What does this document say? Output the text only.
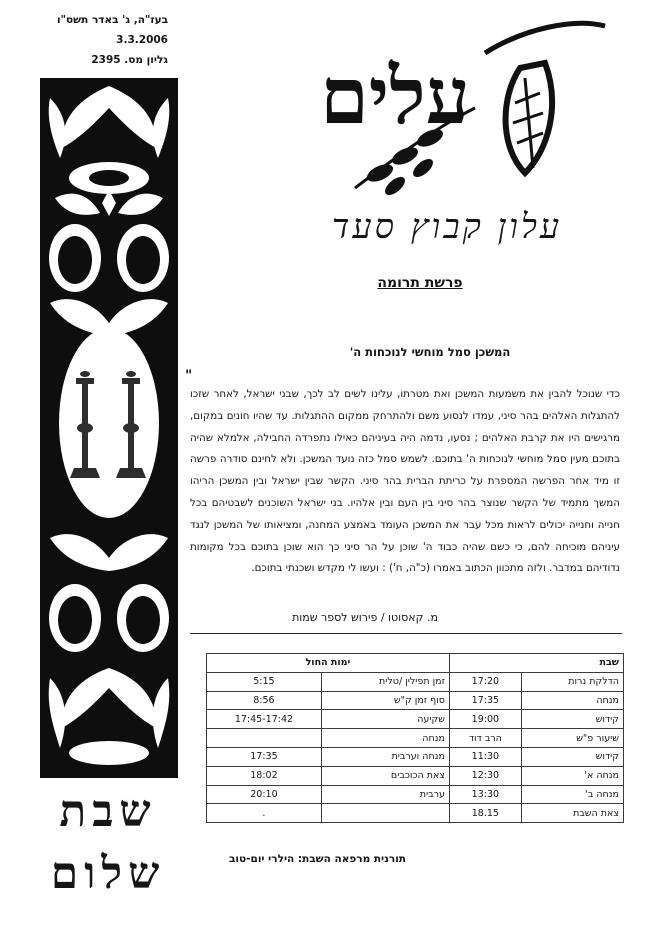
בעז"ה, ג' באדר תשס"ו
3.3.2006
גליון מס. 2395 עלים
עלון קבוץ סעד
פרשת תרומה
המשכן סמל מוחשי לנוכחות ה'
"
כדי שנוכל להבין את משמעות המשכן ואת מטרתו, עלינו לשים לב לכך, שבני ישראל, לאחר שזכו להתגלות האלהים בהר סיני, עמדו לנסוע משם ולהתרחק ממקום ההתגלות. עד שהיו חונים במקום, מרגישים היו את קרבת האלהים ; נסעו, נדמה היה בעיניהם כאילו נתפרדה החבילה, אלמלא שהיה בתוכם מעין סמל מוחשי לנוכחות ה' בתוכם. לשמש סמל כזה נועד המשכן. ולא לחינם סודרה פרשה זו מיד אחר הפרשה המספרת על כריתת הברית בהר סיני. הקשר שבין ישראל ובין המשכן הריהו המשך מתמיד של הקשר שנוצר בהר סיני בין העם ובין אלהיו. בני ישראל השוכנים לשבטיהם בכל חנייה וחנייה יכולים לראות מכל עבר את המשכן העומד באמצע המחנה, ומציאותו של המשכן לנגד עיניהם מוכיחה להם, כי כשם שהיה כבוד ה' שוכן על הר סיני כך הוא שוכן בתוכם בכל מקומות נדודיהם במדבר. ולזה מתכוון הכתוב באמרו (כ"ה, ח') : ועשו לי מקדש ושכנתי בתוכם.
מ. קאסוטו / פירוש לספר שמות
שבת		ימות החול	
הדלקת נרות	17:20	זמן תפילין /טלית	5:15
מנחה	17:35	סוף זמן ק"ש	8:56
קידוש	19:00	שקיעה	17:45-17:42
שיעור פ"ש	הרב דוד	מנחה	
קידוש	11:30	מנחה וערבית	17:35
מנחה א'	12:30	צאת הכוכבים	18:02
מנחה ב'	13:30	ערבית	20:10
צאת השבת	18.15		.
תורנית מרפאה השבת: הילרי יום-טוב
שבת
שלום
